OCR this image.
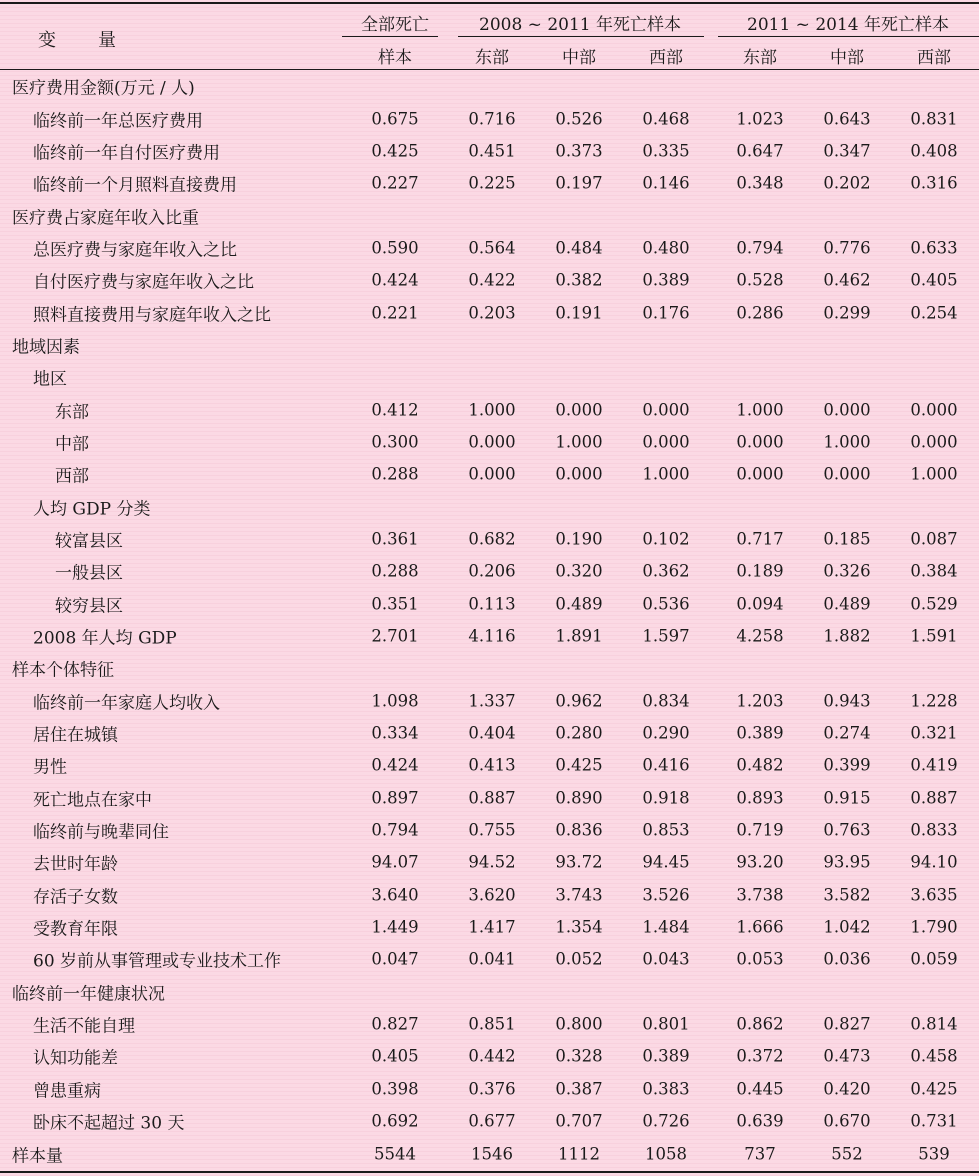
变　量
全部死亡	2008 ~ 2011 年死亡样本	2011 ~ 2014 年死亡样本
样本	东部	中部	西部	东部	中部	西部
医疗费用金额(万元 / 人)
临终前一年总医疗费用	0.675	0.716 0.526 0.468	1.023 0.643 0.831
临终前一年自付医疗费用	0.425	0.451 0.373 0.335	0.647 0.347 0.408
临终前一个月照料直接费用	0.227	0.225 0.197 0.146	0.348 0.202 0.316
医疗费占家庭年收入比重
总医疗费与家庭年收入之比	0.590	0.564 0.484 0.480	0.794 0.776 0.633
自付医疗费与家庭年收入之比	0.424	0.422 0.382 0.389	0.528 0.462 0.405
照料直接费用与家庭年收入之比	0.221	0.203 0.191 0.176	0.286 0.299 0.254
地域因素
地区
东部	0.412	1.000 0.000 0.000	1.000 0.000 0.000
中部	0.300	0.000 1.000 0.000	0.000 1.000 0.000
西部	0.288	0.000 0.000 1.000	0.000 0.000 1.000
人均 GDP 分类
较富县区	0.361	0.682 0.190 0.102	0.717 0.185 0.087
一般县区	0.288	0.206 0.320 0.362	0.189 0.326 0.384
较穷县区	0.351	0.113 0.489 0.536	0.094 0.489 0.529
2008 年人均 GDP	2.701	4.116 1.891 1.597	4.258 1.882 1.591
样本个体特征
临终前一年家庭人均收入	1.098	1.337 0.962 0.834	1.203 0.943 1.228
居住在城镇	0.334	0.404 0.280 0.290	0.389 0.274 0.321
男性	0.424	0.413 0.425 0.416	0.482 0.399 0.419
死亡地点在家中	0.897	0.887 0.890 0.918	0.893 0.915 0.887
临终前与晚辈同住	0.794	0.755 0.836 0.853	0.719 0.763 0.833
去世时年龄	94.07	94.52 93.72 94.45	93.20 93.95 94.10
存活子女数	3.640	3.620 3.743 3.526	3.738 3.582 3.635
受教育年限	1.449	1.417 1.354 1.484	1.666 1.042 1.790
60 岁前从事管理或专业技术工作	0.047	0.041 0.052 0.043	0.053 0.036 0.059
临终前一年健康状况
生活不能自理	0.827	0.851 0.800 0.801	0.862 0.827 0.814
认知功能差	0.405	0.442 0.328 0.389	0.372 0.473 0.458
曾患重病	0.398	0.376 0.387 0.383	0.445 0.420 0.425
卧床不起超过 30 天	0.692	0.677 0.707 0.726	0.639 0.670 0.731
样本量	5544	1546	1112	1058	737	552	539
